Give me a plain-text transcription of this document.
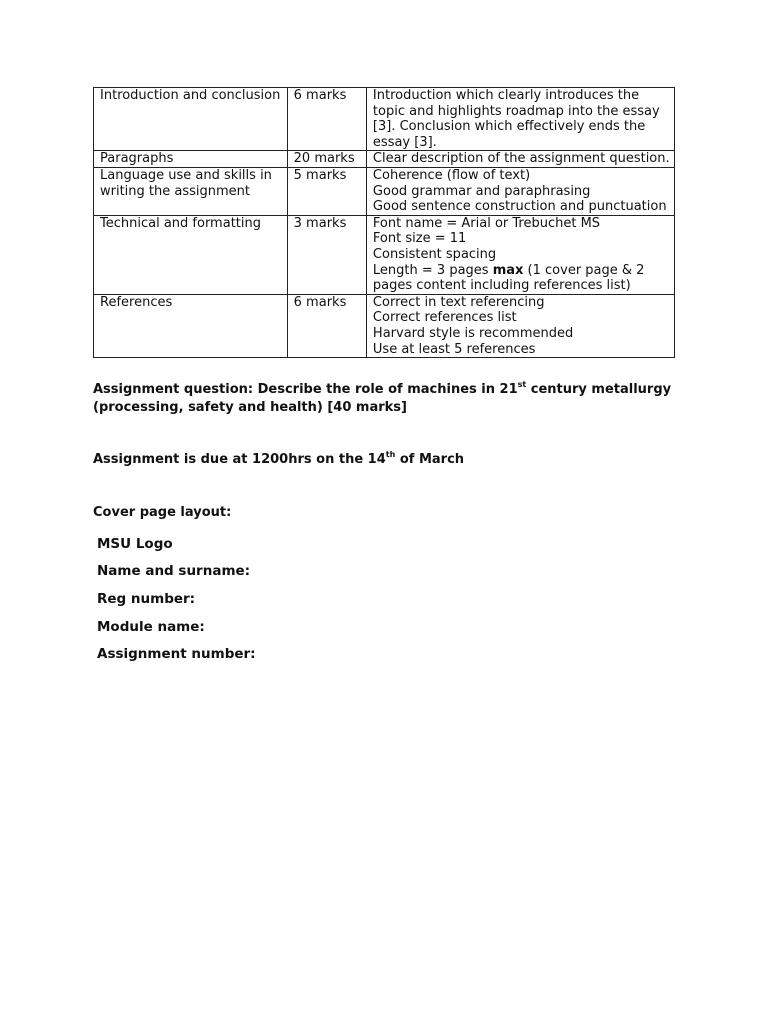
Introduction and conclusion	6 marks	Introduction which clearly introduces the
topic and highlights roadmap into the essay
[3]. Conclusion which effectively ends the
essay [3].

Paragraphs	20 marks	Clear description of the assignment question.

Language use and skills in
writing the assignment	5 marks	Coherence (flow of text)
Good grammar and paraphrasing
Good sentence construction and punctuation

Technical and formatting	3 marks	Font name = Arial or Trebuchet MS
Font size = 11
Consistent spacing
Length = 3 pages max (1 cover page & 2
pages content including references list)

References	6 marks	Correct in text referencing
Correct references list
Harvard style is recommended
Use at least 5 references
Assignment question: Describe the role of machines in 21st century metallurgy
(processing, safety and health) [40 marks]
Assignment is due at 1200hrs on the 14th of March
Cover page layout:
MSU Logo
Name and surname:
Reg number:
Module name:
Assignment number:
